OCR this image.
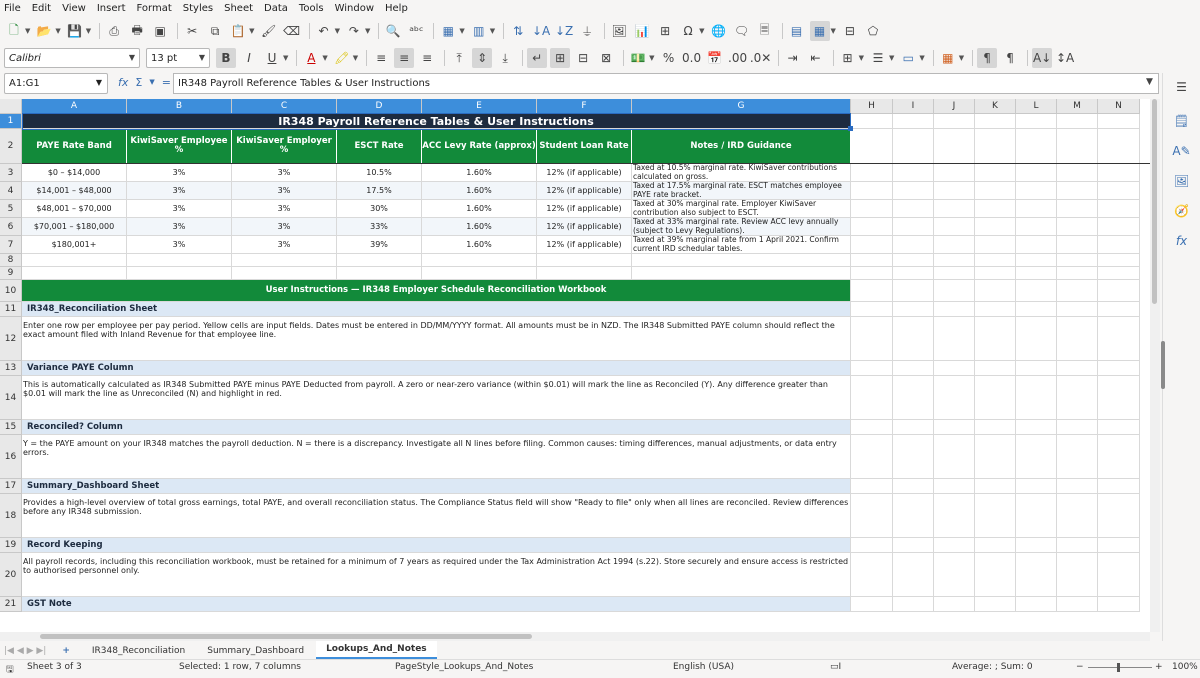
File Edit View Insert Format Styles Sheet Data Tools Window Help
🗋 ▼ 📂 ▼ 💾 ▼	⎙	🖶 ▣	✂	⧉ 📋 ▼ 🖌 ⌫	↶ ▼ ↷ ▼ 🔍 ᵃᵇᶜ	▦ ▼ ▥ ▼	⇅ ↓A ↓Z ⏚	🖼 📊 ⊞	Ω ▼ 🌐 🗨 🗏	▤ ▦ ▼ ⊟	⬠
Calibri	▼ 13 pt	▼	B	I	U ▼	A ▼ 🖍 ▼	≡	≡	≡	⤒	⇕	⤓	↵	⊞	⊟	⊠	💵 ▼ % 0.0 📅 .00 .0✕	⇥	⇤	⊞ ▼ ☰ ▼ ▭ ▼	▦ ▼	¶	¶	A↓ ↕A
A1:G1	▼ fx Σ ▼ = IR348 Payroll Reference Tables & User Instructions	▼
A	B	C	D	E	F	G	H	I	J	K	L	M	N
1
2
3
4
5
6
7
8
9
10
11
12
13
14
15
16
17
18
19
20
21
IR348 Payroll Reference Tables & User Instructions
PAYE Rate Band	KiwiSaver Employee %
KiwiSaver Employer %	ESCT Rate	ACC Levy Rate (approx) Student Loan Rate	Notes / IRD Guidance
$0 – $14,000	3%	3%	10.5%	1.60%	12% (if applicable)
Taxed at 10.5% marginal rate. KiwiSaver contributions calculated on gross.
$14,001 – $48,000	3%	3%	17.5%	1.60%	12% (if applicable)
Taxed at 17.5% marginal rate. ESCT matches employee PAYE rate bracket.
$48,001 – $70,000	3%	3%	30%	1.60%	12% (if applicable)
Taxed at 30% marginal rate. Employer KiwiSaver contribution also subject to ESCT.
$70,001 – $180,000	3%	3%	33%	1.60%	12% (if applicable)
Taxed at 33% marginal rate. Review ACC levy annually (subject to Levy Regulations).
$180,001+	3%	3%	39%	1.60%	12% (if applicable)
Taxed at 39% marginal rate from 1 April 2021. Confirm current IRD schedular tables.
User Instructions — IR348 Employer Schedule Reconciliation Workbook
IR348_Reconciliation Sheet
Enter one row per employee per pay period. Yellow cells are input fields. Dates must be entered in DD/MM/YYYY format. All amounts must be in NZD. The IR348 Submitted PAYE column should reflect the exact amount filed with Inland Revenue for that employee line.
Variance PAYE Column
This is automatically calculated as IR348 Submitted PAYE minus PAYE Deducted from payroll. A zero or near-zero variance (within $0.01) will mark the line as Reconciled (Y). Any difference greater than $0.01 will mark the line as Unreconciled (N) and highlight in red.
Reconciled? Column
Y = the PAYE amount on your IR348 matches the payroll deduction. N = there is a discrepancy. Investigate all N lines before filing. Common causes: timing differences, manual adjustments, or data entry errors.
Summary_Dashboard Sheet
Provides a high-level overview of total gross earnings, total PAYE, and overall reconciliation status. The Compliance Status field will show "Ready to file" only when all lines are reconciled. Review differences before any IR348 submission.
Record Keeping
All payroll records, including this reconciliation workbook, must be retained for a minimum of 7 years as required under the Tax Administration Act 1994 (s.22). Store securely and ensure access is restricted to authorised personnel only.
GST Note
☰
🗒
A✎
🖼
🧭
fx
|◀ ◀ ▶ ▶|	+	IR348_Reconciliation	Summary_Dashboard	Lookups_And_Notes
🖫 Sheet 3 of 3	Selected: 1 row, 7 columns	PageStyle_Lookups_And_Notes	English (USA)	▭I	Average: ; Sum: 0	−	+ 100%
